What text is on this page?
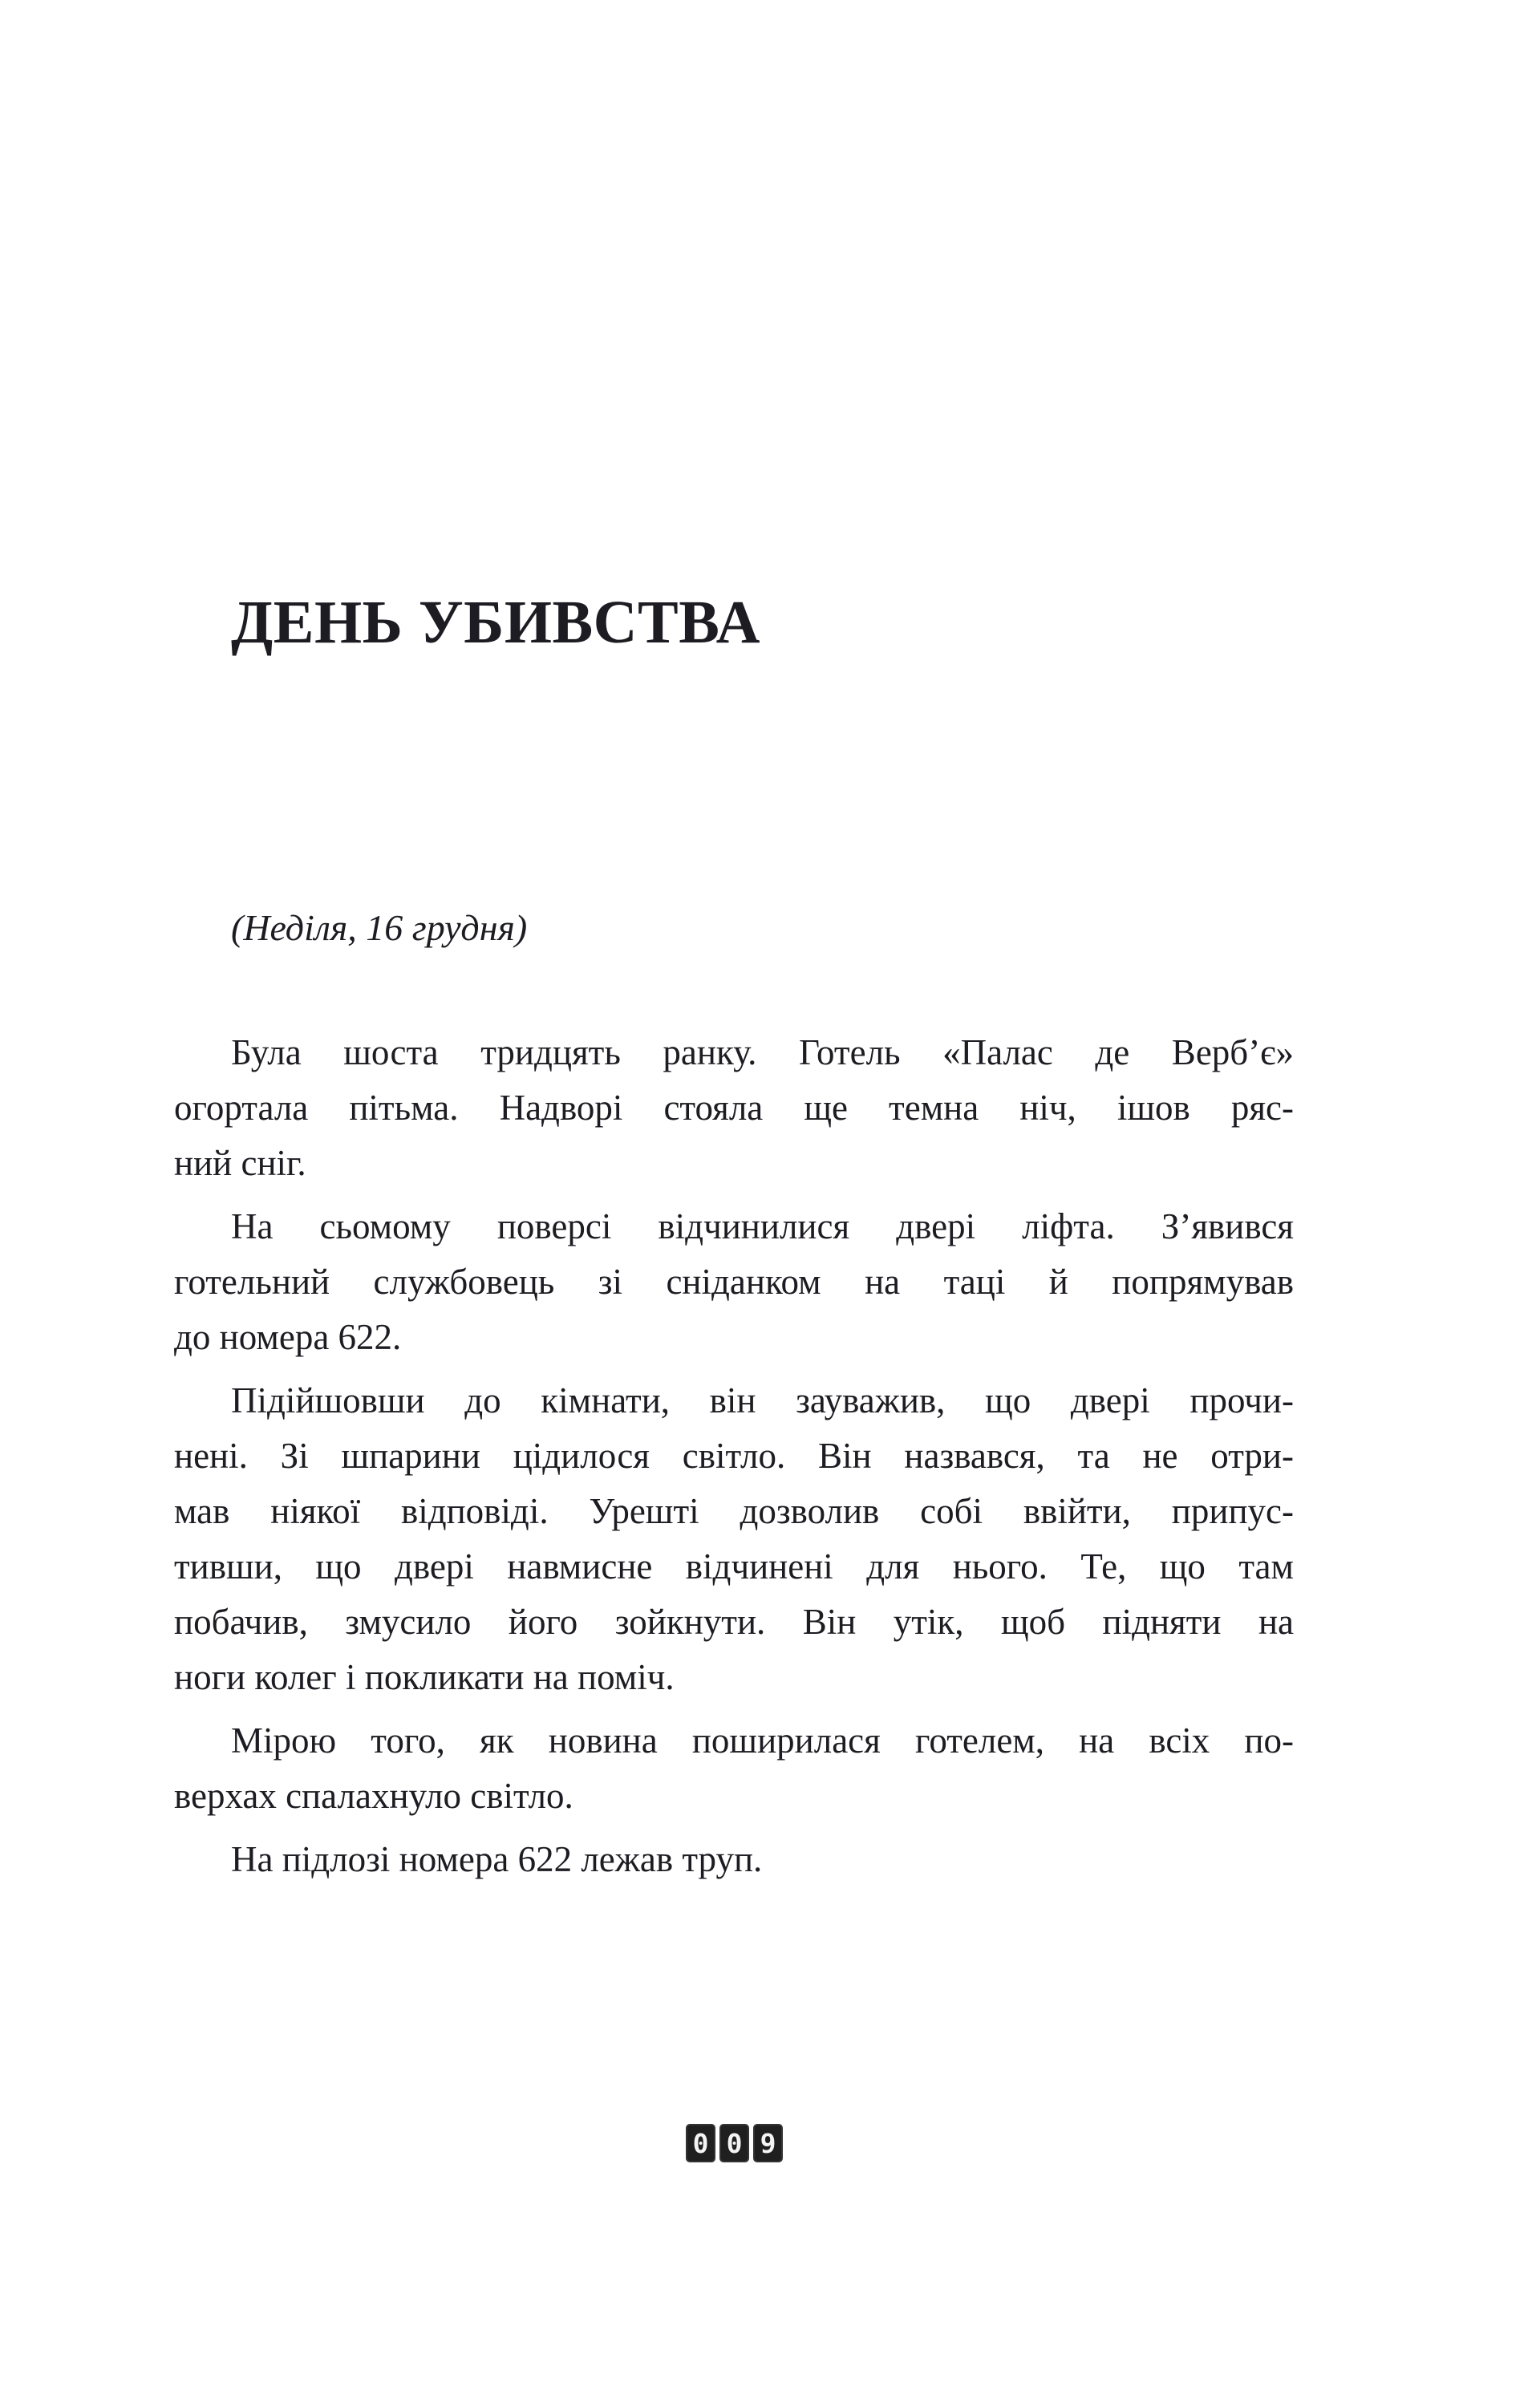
ДЕНЬ УБИВСТВА
(Неділя, 16 грудня)
Була шоста тридцять ранку. Готель «Палас де Верб’є»
огортала пітьма. Надворі стояла ще темна ніч, ішов ряс-
ний сніг.
На сьомому поверсі відчинилися двері ліфта. З’явився
готельний службовець зі сніданком на таці й попрямував
до номера 622.
Підійшовши до кімнати, він зауважив, що двері прочи-
нені. Зі шпарини цідилося світло. Він назвався, та не отри-
мав ніякої відповіді. Урешті дозволив собі ввійти, припус-
тивши, що двері навмисне відчинені для нього. Те, що там
побачив, змусило його зойкнути. Він утік, щоб підняти на
ноги колег і покликати на поміч.
Мірою того, як новина поширилася готелем, на всіх по-
верхах спалахнуло світло.
На підлозі номера 622 лежав труп.
0 0 9
